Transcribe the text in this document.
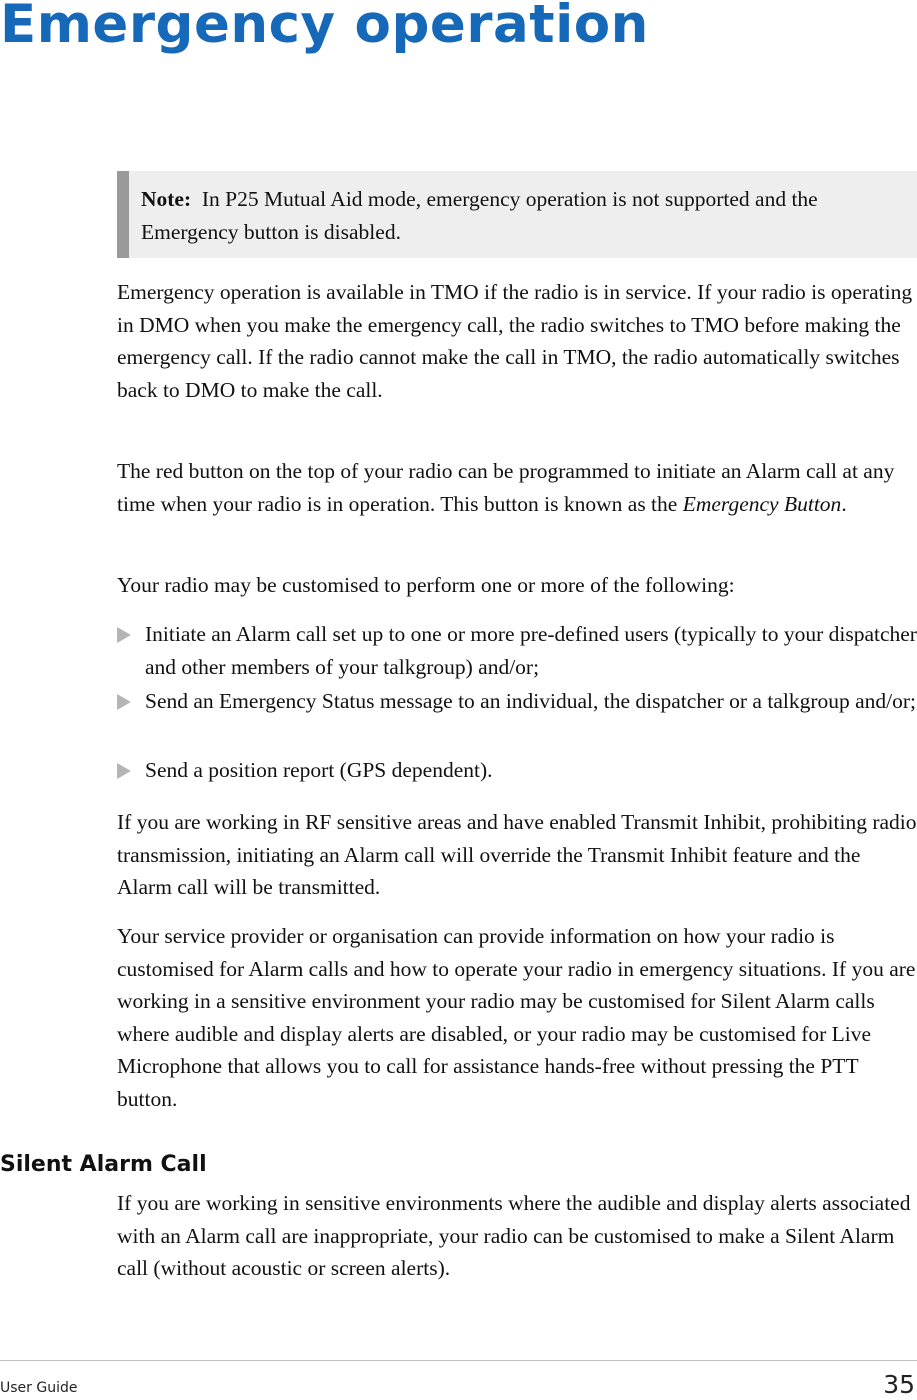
Emergency operation
Note: In P25 Mutual Aid mode, emergency operation is not supported and the Emergency button is disabled.

Emergency operation is available in TMO if the radio is in service. If your radio is operating in DMO when you make the emergency call, the radio switches to TMO before making the emergency call. If the radio cannot make the call in TMO, the radio automatically switches back to DMO to make the call.

The red button on the top of your radio can be programmed to initiate an Alarm call at any time when your radio is in operation. This button is known as the Emergency Button.

Your radio may be customised to perform one or more of the following:

Initiate an Alarm call set up to one or more pre-defined users (typically to your dispatcher and other members of your talkgroup) and/or;
Send an Emergency Status message to an individual, the dispatcher or a talkgroup and/or;
Send a position report (GPS dependent).

If you are working in RF sensitive areas and have enabled Transmit Inhibit, prohibiting radio transmission, initiating an Alarm call will override the Transmit Inhibit feature and the Alarm call will be transmitted.

Your service provider or organisation can provide information on how your radio is customised for Alarm calls and how to operate your radio in emergency situations. If you are working in a sensitive environment your radio may be customised for Silent Alarm calls where audible and display alerts are disabled, or your radio may be customised for Live Microphone that allows you to call for assistance hands-free without pressing the PTT button.

Silent Alarm Call

If you are working in sensitive environments where the audible and display alerts associated with an Alarm call are inappropriate, your radio can be customised to make a Silent Alarm call (without acoustic or screen alerts).

User Guide	35
